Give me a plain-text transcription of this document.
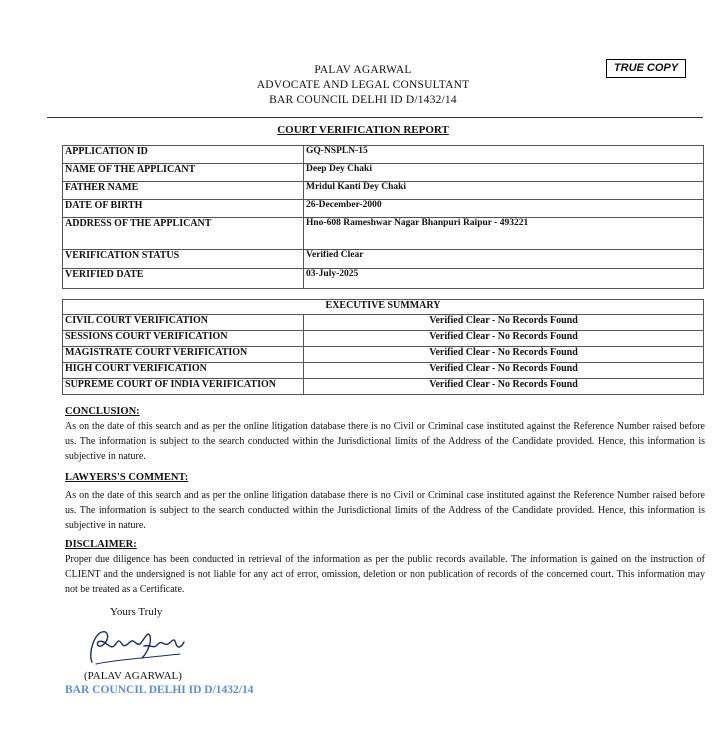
PALAV AGARWAL
ADVOCATE AND LEGAL CONSULTANT
BAR COUNCIL DELHI ID D/1432/14
TRUE COPY
COURT VERIFICATION REPORT
APPLICATION ID	GQ-NSPLN-15
NAME OF THE APPLICANT	Deep Dey Chaki
FATHER NAME	Mridul Kanti Dey Chaki
DATE OF BIRTH	26-December-2000
ADDRESS OF THE APPLICANT	Hno-608 Rameshwar Nagar Bhanpuri Raipur - 493221
VERIFICATION STATUS	Verified Clear
VERIFIED DATE	03-July-2025
EXECUTIVE SUMMARY	
CIVIL COURT VERIFICATION	Verified Clear - No Records Found
SESSIONS COURT VERIFICATION	Verified Clear - No Records Found
MAGISTRATE COURT VERIFICATION	Verified Clear - No Records Found
HIGH COURT VERIFICATION	Verified Clear - No Records Found
SUPREME COURT OF INDIA VERIFICATION	Verified Clear - No Records Found
CONCLUSION:
As on the date of this search and as per the online litigation database there is no Civil or Criminal case instituted against the Reference Number raised before us. The information is subject to the search conducted within the Jurisdictional limits of the Address of the Candidate provided. Hence, this information is subjective in nature.
LAWYERS'S COMMENT:
As on the date of this search and as per the online litigation database there is no Civil or Criminal case instituted against the Reference Number raised before us. The information is subject to the search conducted within the Jurisdictional limits of the Address of the Candidate provided. Hence, this information is subjective in nature.
DISCLAIMER:
Proper due diligence has been conducted in retrieval of the information as per the public records available. The information is gained on the instruction of CLIENT and the undersigned is not liable for any act of error, omission, deletion or non publication of records of the concerned court. This information may not be treated as a Certificate.
Yours Truly
(PALAV AGARWAL)
BAR COUNCIL DELHI ID D/1432/14
